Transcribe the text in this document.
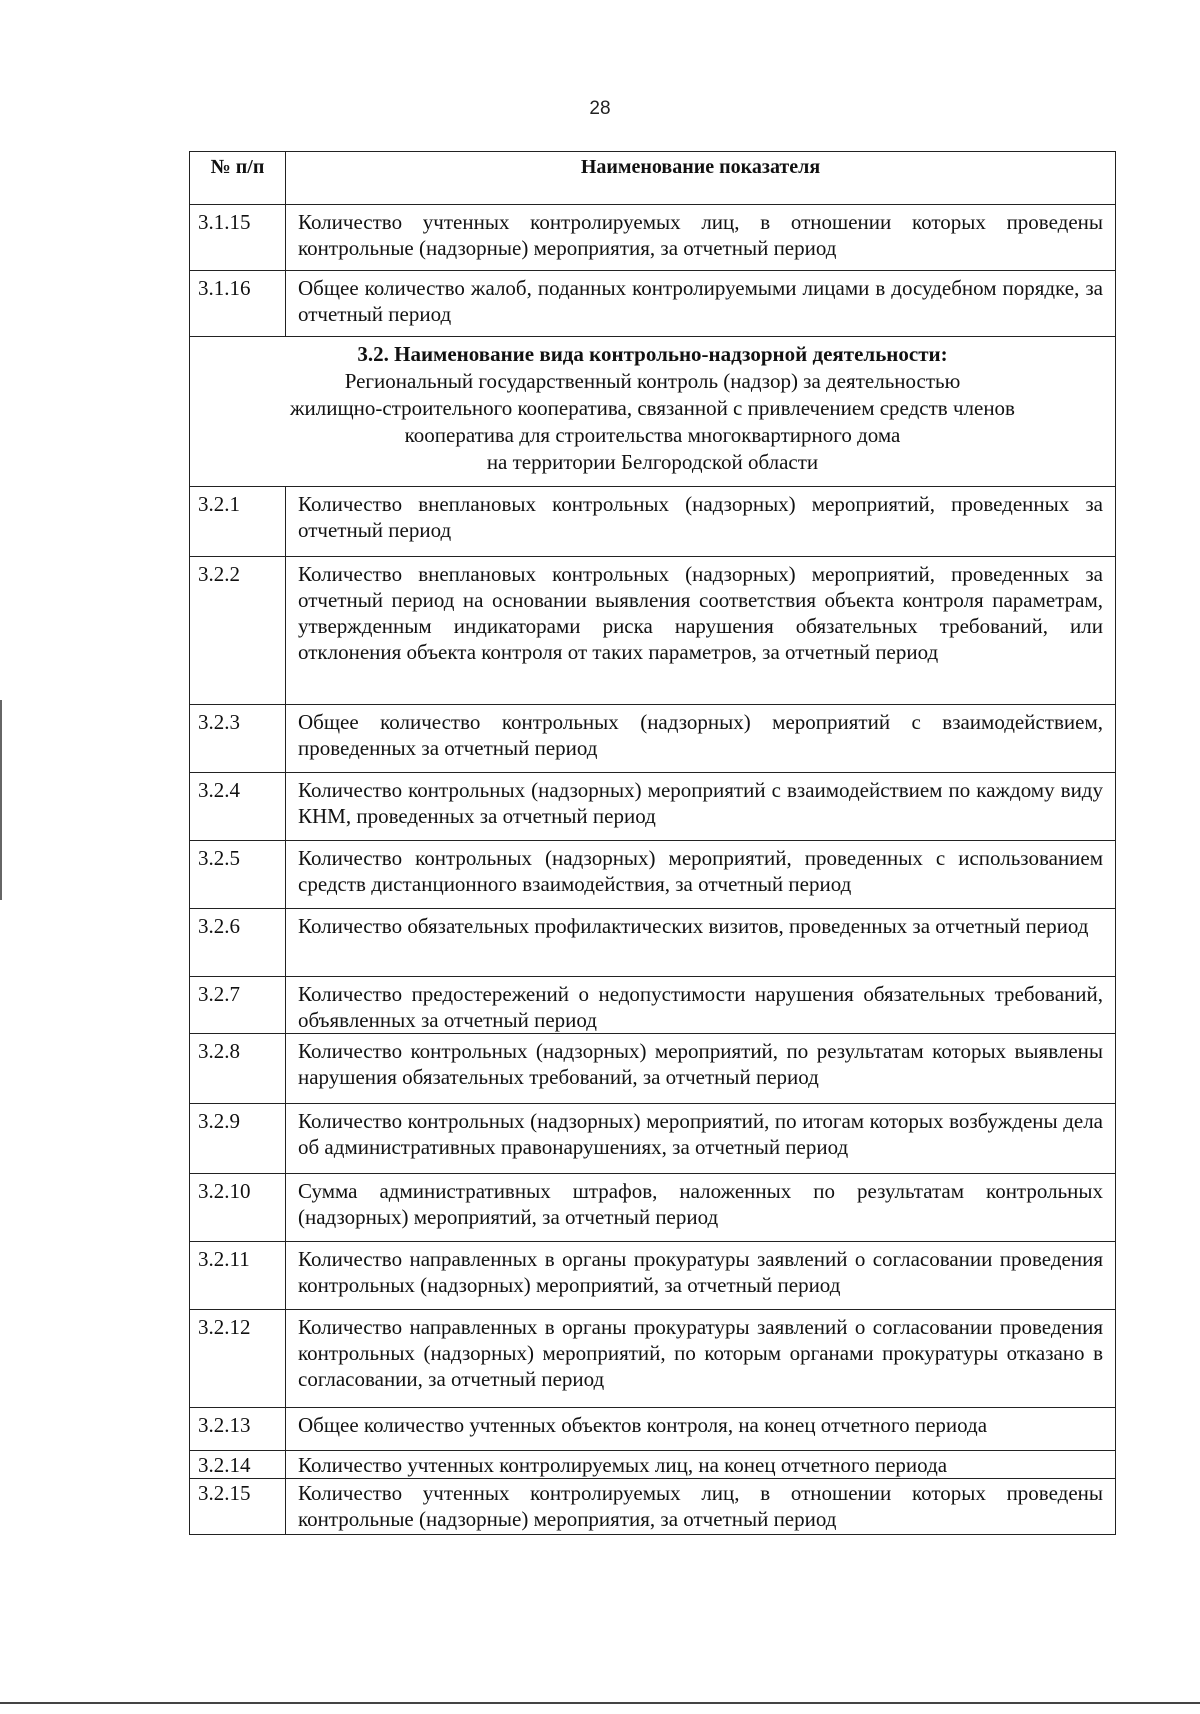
28
№ п/п	Наименование показателя
3.1.15	Количество учтенных контролируемых лиц, в отношении которых проведены контрольные (надзорные) мероприятия, за отчетный период
3.1.16	Общее количество жалоб, поданных контролируемыми лицами в досудебном порядке, за отчетный период

3.2. Наименование вида контрольно-надзорной деятельности:
Региональный государственный контроль (надзор) за деятельностью
жилищно-строительного кооператива, связанной с привлечением средств членов
кооператива для строительства многоквартирного дома
на территории Белгородской области	

3.2.1	Количество внеплановых контрольных (надзорных) мероприятий, проведенных за отчетный период
3.2.2	Количество внеплановых контрольных (надзорных) мероприятий, проведенных за отчетный период на основании выявления соответствия объекта контроля параметрам, утвержденным индикаторами риска нарушения обязательных требований, или отклонения объекта контроля от таких параметров, за отчетный период
3.2.3	Общее количество контрольных (надзорных) мероприятий с взаимодействием, проведенных за отчетный период
3.2.4	Количество контрольных (надзорных) мероприятий с взаимодействием по каждому виду КНМ, проведенных за отчетный период
3.2.5	Количество контрольных (надзорных) мероприятий, проведенных с использованием средств дистанционного взаимодействия, за отчетный период
3.2.6	Количество обязательных профилактических визитов, проведенных за отчетный период
3.2.7	Количество предостережений о недопустимости нарушения обязательных требований, объявленных за отчетный период
3.2.8	Количество контрольных (надзорных) мероприятий, по результатам которых выявлены нарушения обязательных требований, за отчетный период
3.2.9	Количество контрольных (надзорных) мероприятий, по итогам которых возбуждены дела об административных правонарушениях, за отчетный период
3.2.10	Сумма административных штрафов, наложенных по результатам контрольных (надзорных) мероприятий, за отчетный период
3.2.11	Количество направленных в органы прокуратуры заявлений о согласовании проведения контрольных (надзорных) мероприятий, за отчетный период
3.2.12	Количество направленных в органы прокуратуры заявлений о согласовании проведения контрольных (надзорных) мероприятий, по которым органами прокуратуры отказано в согласовании, за отчетный период
3.2.13	Общее количество учтенных объектов контроля, на конец отчетного периода
3.2.14	Количество учтенных контролируемых лиц, на конец отчетного периода
3.2.15	Количество учтенных контролируемых лиц, в отношении которых проведены контрольные (надзорные) мероприятия, за отчетный период
